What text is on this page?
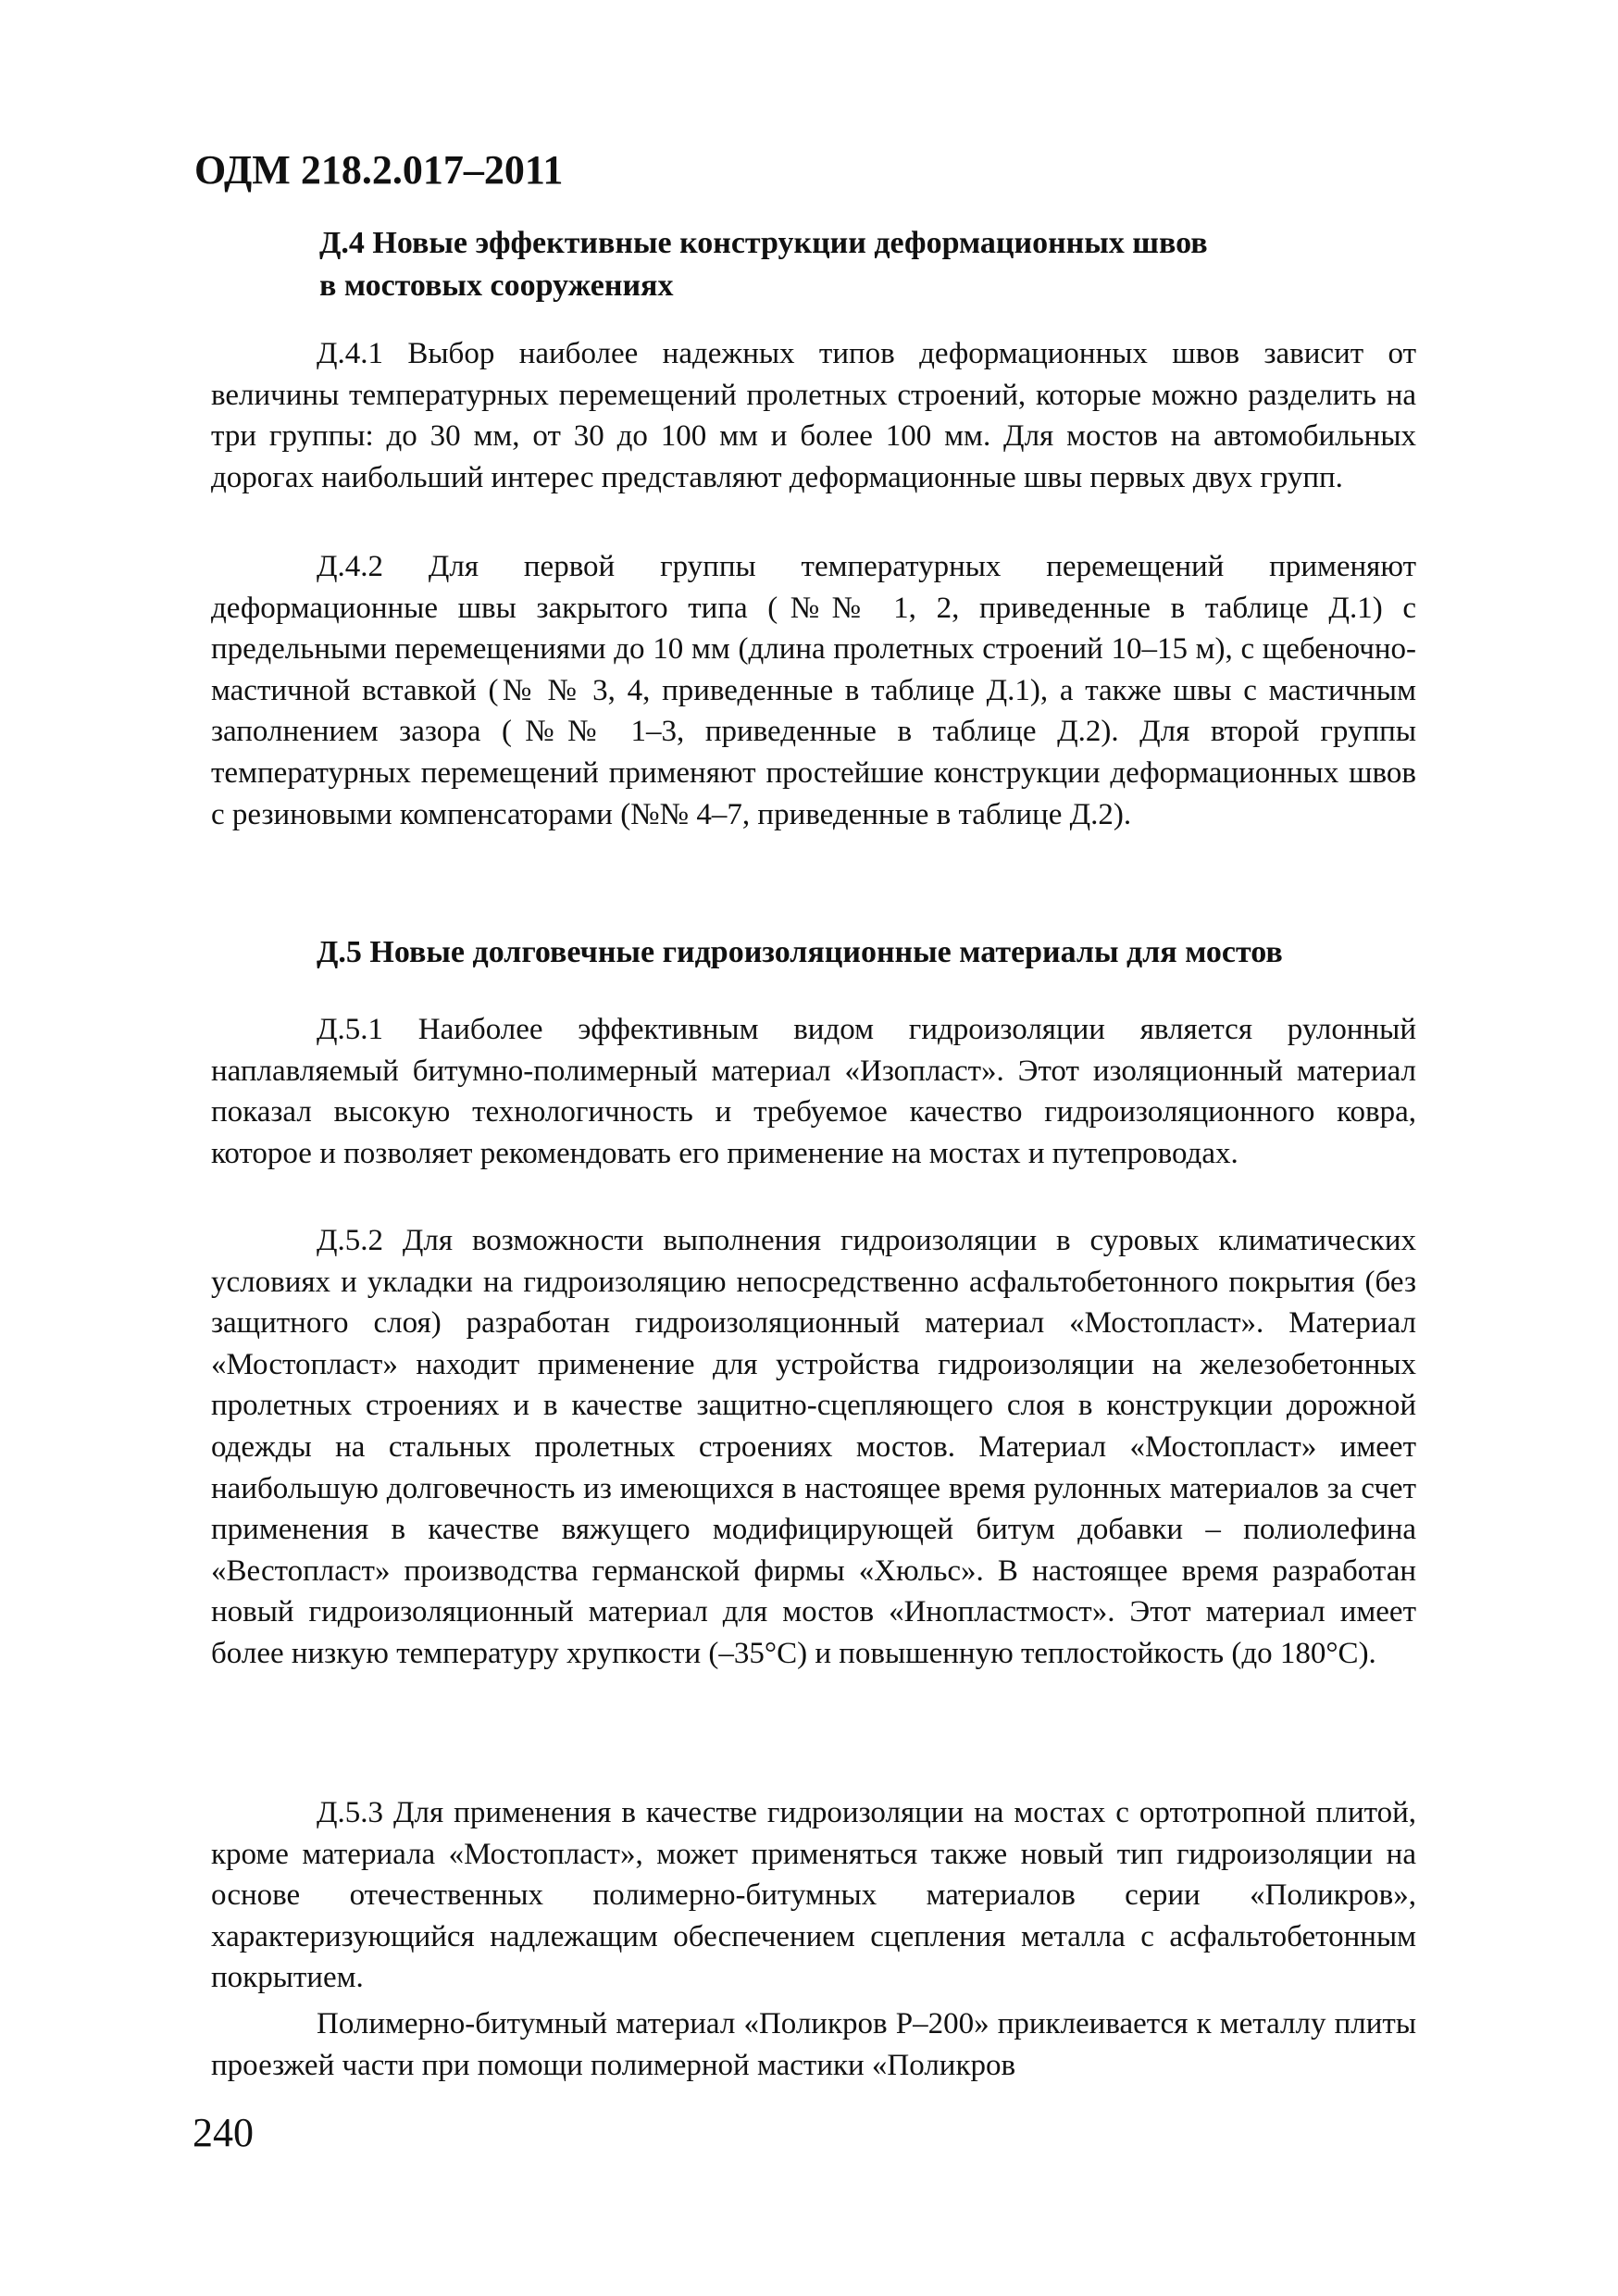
ОДМ 218.2.017–2011
Д.4 Новые эффективные конструкции деформационных швов
в мостовых сооружениях

Д.4.1 Выбор наиболее надежных типов деформационных швов зависит от величины температурных перемещений пролетных строений, которые можно разделить на три группы: до 30 мм, от 30 до 100 мм и более 100 мм. Для мостов на автомобильных дорогах наибольший интерес представляют деформационные швы первых двух групп.

Д.4.2 Для первой группы температурных перемещений применяют деформационные швы закрытого типа (№№ 1, 2, приведенные в таблице Д.1) с предельными перемещениями до 10 мм (длина пролетных строений 10–15 м), с щебеночно-мастичной вставкой (№ № 3, 4, приведенные в таблице Д.1), а также швы с мастичным заполнением зазора (№№ 1–3, приведенные в таблице Д.2). Для второй группы температурных перемещений применяют простейшие конструкции деформационных швов с резиновыми компенсаторами (№№ 4–7, приведенные в таблице Д.2).

Д.5 Новые долговечные гидроизоляционные материалы для мостов

Д.5.1 Наиболее эффективным видом гидроизоляции является рулонный наплавляемый битумно-полимерный материал «Изопласт». Этот изоляционный материал показал высокую технологичность и требуемое качество гидроизоляционного ковра, которое и позволяет рекомендовать его применение на мостах и путепроводах.

Д.5.2 Для возможности выполнения гидроизоляции в суровых климатических условиях и укладки на гидроизоляцию непосредственно асфальтобетонного покрытия (без защитного слоя) разработан гидроизоляционный материал «Мостопласт». Материал «Мостопласт» находит применение для устройства гидроизоляции на железобетонных пролетных строениях и в качестве защитно-сцепляющего слоя в конструкции дорожной одежды на стальных пролетных строениях мостов. Материал «Мостопласт» имеет наибольшую долговечность из имеющихся в настоящее время рулонных материалов за счет применения в качестве вяжущего модифицирующей битум добавки – полиолефина «Вестопласт» производства германской фирмы «Хюльс». В настоящее время разработан новый гидроизоляционный материал для мостов «Инопластмост». Этот материал имеет более низкую температуру хрупкости (–35°С) и повышенную теплостойкость (до 180°С).

Д.5.3 Для применения в качестве гидроизоляции на мостах с ортотропной плитой, кроме материала «Мостопласт», может применяться также новый тип гидроизоляции на основе отечественных полимерно-битумных материалов серии «Поликров», характеризующийся надлежащим обеспечением сцепления металла с асфальтобетонным покрытием.

Полимерно-битумный материал «Поликров Р–200» приклеивается к металлу плиты проезжей части при помощи полимерной мастики «Поликров

240
